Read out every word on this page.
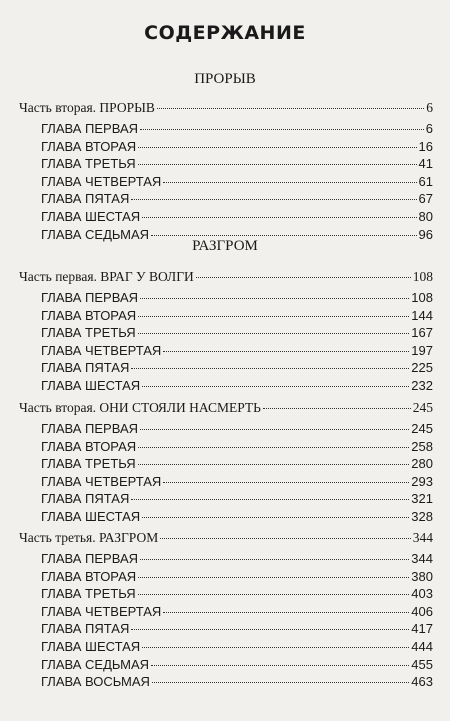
СОДЕРЖАНИЕ
ПРОРЫВ
Часть вторая. ПРОРЫВ	6
ГЛАВА ПЕРВАЯ	6
ГЛАВА ВТОРАЯ	16
ГЛАВА ТРЕТЬЯ	41
ГЛАВА ЧЕТВЕРТАЯ	61
ГЛАВА ПЯТАЯ	67
ГЛАВА ШЕСТАЯ	80
ГЛАВА СЕДЬМАЯ	96
РАЗГРОМ
Часть первая. ВРАГ У ВОЛГИ	108
ГЛАВА ПЕРВАЯ	108
ГЛАВА ВТОРАЯ	144
ГЛАВА ТРЕТЬЯ	167
ГЛАВА ЧЕТВЕРТАЯ	197
ГЛАВА ПЯТАЯ	225
ГЛАВА ШЕСТАЯ	232
Часть вторая. ОНИ СТОЯЛИ НАСМЕРТЬ	245
ГЛАВА ПЕРВАЯ	245
ГЛАВА ВТОРАЯ	258
ГЛАВА ТРЕТЬЯ	280
ГЛАВА ЧЕТВЕРТАЯ	293
ГЛАВА ПЯТАЯ	321
ГЛАВА ШЕСТАЯ	328
Часть третья. РАЗГРОМ	344
ГЛАВА ПЕРВАЯ	344
ГЛАВА ВТОРАЯ	380
ГЛАВА ТРЕТЬЯ	403
ГЛАВА ЧЕТВЕРТАЯ	406
ГЛАВА ПЯТАЯ	417
ГЛАВА ШЕСТАЯ	444
ГЛАВА СЕДЬМАЯ	455
ГЛАВА ВОСЬМАЯ	463
